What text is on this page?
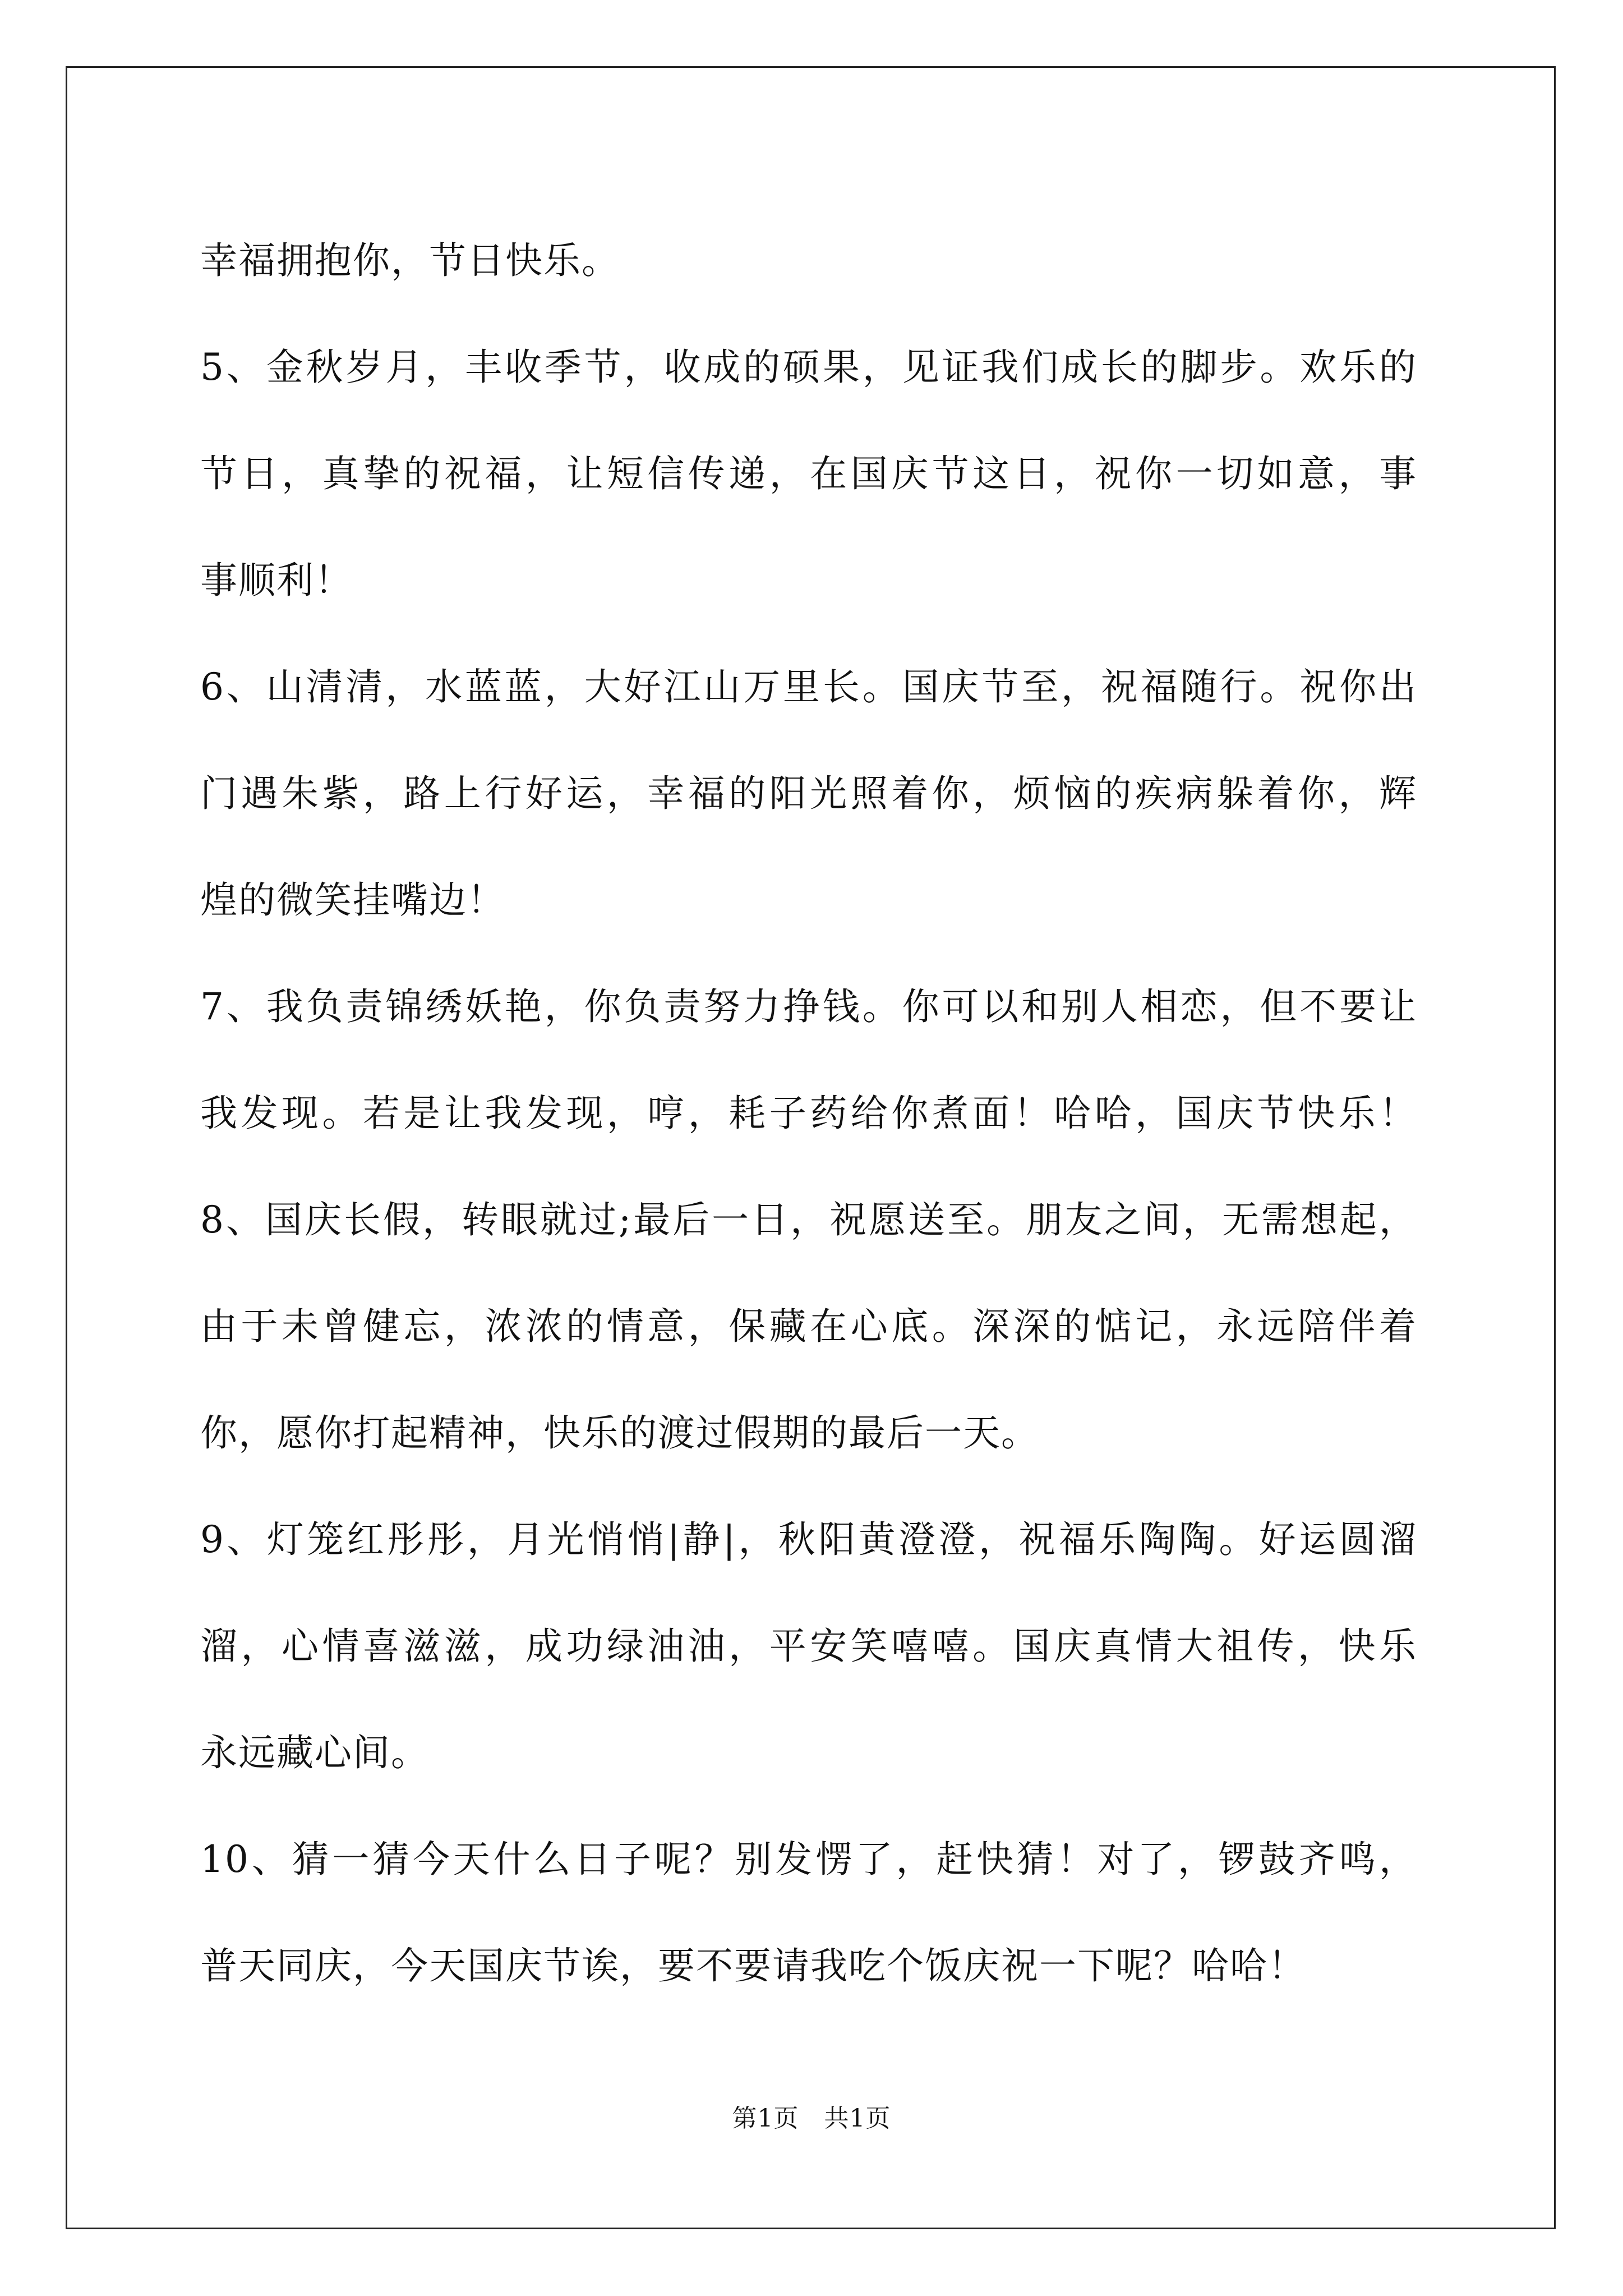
幸福拥抱你，节日快乐。
5、金秋岁月，丰收季节，收成的硕果，见证我们成长的脚步。欢乐的
节日，真挚的祝福，让短信传递，在国庆节这日，祝你一切如意，事
事顺利！
6、山清清，水蓝蓝，大好江山万里长。国庆节至，祝福随行。祝你出
门遇朱紫，路上行好运，幸福的阳光照着你，烦恼的疾病躲着你，辉
煌的微笑挂嘴边！
7、我负责锦绣妖艳，你负责努力挣钱。你可以和别人相恋，但不要让
我发现。若是让我发现，哼，耗子药给你煮面！哈哈，国庆节快乐！
8、国庆长假，转眼就过;最后一日，祝愿送至。朋友之间，无需想起，
由于未曾健忘，浓浓的情意，保藏在心底。深深的惦记，永远陪伴着
你，愿你打起精神，快乐的渡过假期的最后一天。
9、灯笼红彤彤，月光悄悄|静|，秋阳黄澄澄，祝福乐陶陶。好运圆溜
溜，心情喜滋滋，成功绿油油，平安笑嘻嘻。国庆真情大祖传，快乐
永远藏心间。
10、猜一猜今天什么日子呢？别发愣了，赶快猜！对了，锣鼓齐鸣，
普天同庆，今天国庆节诶，要不要请我吃个饭庆祝一下呢？哈哈！
第1页　共1页
